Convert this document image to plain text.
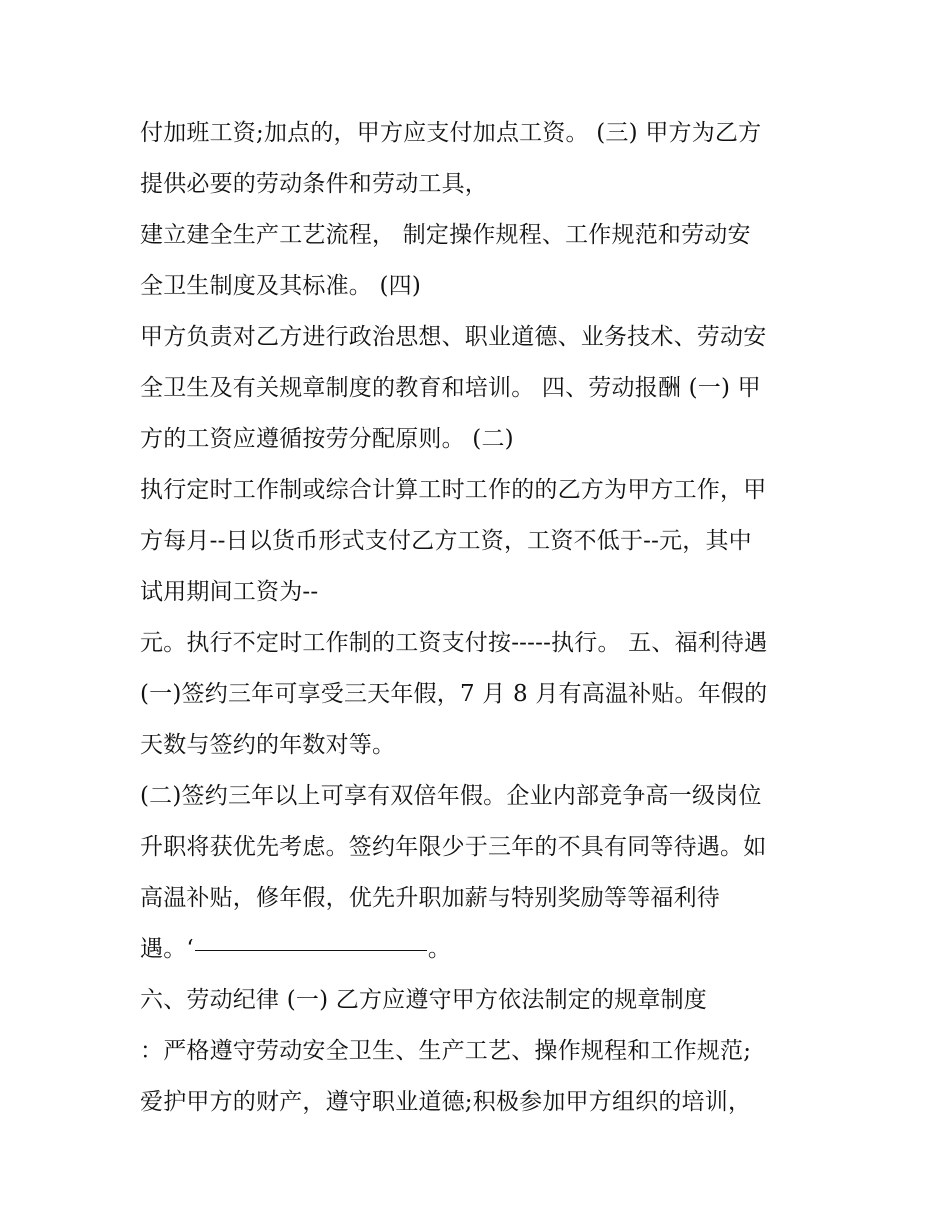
付加班工资;加点的，甲方应支付加点工资。 (三) 甲方为乙方
提供必要的劳动条件和劳动工具，
建立建全生产工艺流程， 制定操作规程、工作规范和劳动安
全卫生制度及其标准。 (四)
甲方负责对乙方进行政治思想、职业道德、业务技术、劳动安
全卫生及有关规章制度的教育和培训。 四、劳动报酬 (一) 甲
方的工资应遵循按劳分配原则。 (二)
执行定时工作制或综合计算工时工作的的乙方为甲方工作，甲
方每月--日以货币形式支付乙方工资，工资不低于--元，其中
试用期间工资为--
元。执行不定时工作制的工资支付按-----执行。 五、福利待遇
(一)签约三年可享受三天年假，7 月 8 月有高温补贴。年假的
天数与签约的年数对等。
(二)签约三年以上可享有双倍年假。企业内部竞争高一级岗位
升职将获优先考虑。签约年限少于三年的不具有同等待遇。如
高温补贴，修年假，优先升职加薪与特别奖励等等福利待
遇。‘	。
六、劳动纪律 (一) 乙方应遵守甲方依法制定的规章制度
：严格遵守劳动安全卫生、生产工艺、操作规程和工作规范;
爱护甲方的财产，遵守职业道德;积极参加甲方组织的培训，
